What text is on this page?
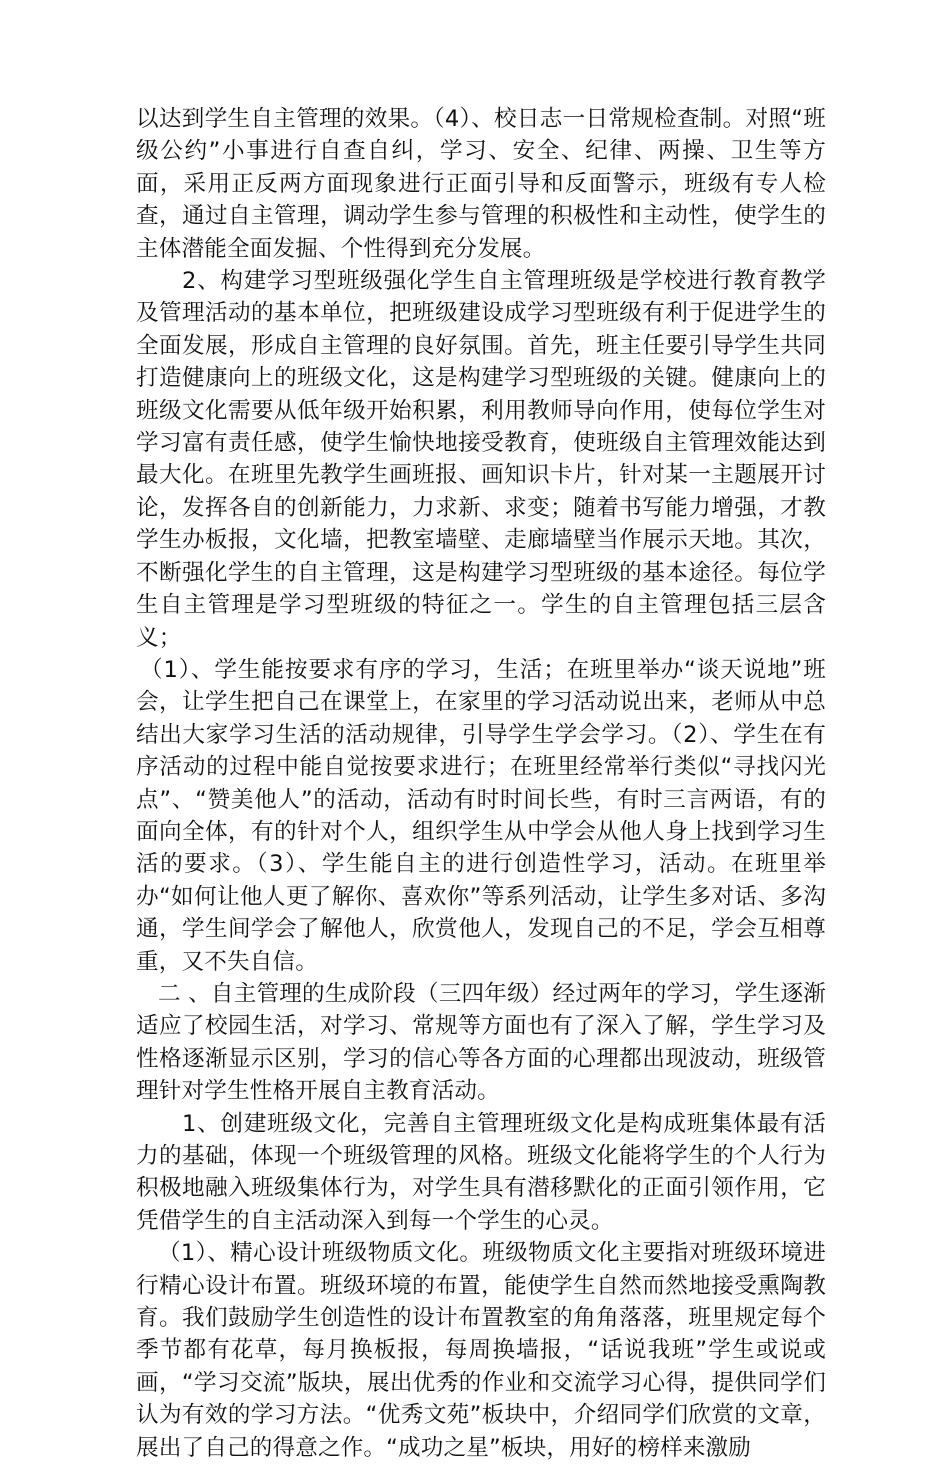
以达到学生自主管理的效果。（4）、校日志一日常规检查制。对照“班级公约”小事进行自查自纠，学习、安全、纪律、两操、卫生等方面，采用正反两方面现象进行正面引导和反面警示，班级有专人检查，通过自主管理，调动学生参与管理的积极性和主动性，使学生的主体潜能全面发掘、个性得到充分发展。

2、构建学习型班级强化学生自主管理班级是学校进行教育教学及管理活动的基本单位，把班级建设成学习型班级有利于促进学生的全面发展，形成自主管理的良好氛围。首先，班主任要引导学生共同打造健康向上的班级文化，这是构建学习型班级的关键。健康向上的班级文化需要从低年级开始积累，利用教师导向作用，使每位学生对学习富有责任感，使学生愉快地接受教育，使班级自主管理效能达到最大化。在班里先教学生画班报、画知识卡片，针对某一主题展开讨论，发挥各自的创新能力，力求新、求变；随着书写能力增强，才教学生办板报，文化墙，把教室墙壁、走廊墙壁当作展示天地。其次，不断强化学生的自主管理，这是构建学习型班级的基本途径。每位学生自主管理是学习型班级的特征之一。学生的自主管理包括三层含义；

（1）、学生能按要求有序的学习，生活；在班里举办“谈天说地”班会，让学生把自己在课堂上，在家里的学习活动说出来，老师从中总结出大家学习生活的活动规律，引导学生学会学习。（2）、学生在有序活动的过程中能自觉按要求进行；在班里经常举行类似“寻找闪光点”、“赞美他人”的活动，活动有时时间长些，有时三言两语，有的面向全体，有的针对个人，组织学生从中学会从他人身上找到学习生活的要求。（3）、学生能自主的进行创造性学习，活动。在班里举办“如何让他人更了解你、喜欢你”等系列活动，让学生多对话、多沟通，学生间学会了解他人，欣赏他人，发现自己的不足，学会互相尊重，又不失自信。

二 、自主管理的生成阶段（三四年级）经过两年的学习，学生逐渐适应了校园生活，对学习、常规等方面也有了深入了解，学生学习及性格逐渐显示区别，学习的信心等各方面的心理都出现波动，班级管理针对学生性格开展自主教育活动。

1、创建班级文化，完善自主管理班级文化是构成班集体最有活力的基础，体现一个班级管理的风格。班级文化能将学生的个人行为积极地融入班级集体行为，对学生具有潜移默化的正面引领作用，它凭借学生的自主活动深入到每一个学生的心灵。

（1）、精心设计班级物质文化。班级物质文化主要指对班级环境进行精心设计布置。班级环境的布置，能使学生自然而然地接受熏陶教育。我们鼓励学生创造性的设计布置教室的角角落落，班里规定每个季节都有花草，每月换板报，每周换墙报，“话说我班”学生或说或画，“学习交流”版块，展出优秀的作业和交流学习心得，提供同学们认为有效的学习方法。“优秀文苑”板块中，介绍同学们欣赏的文章，展出了自己的得意之作。“成功之星”板块，用好的榜样来激励
